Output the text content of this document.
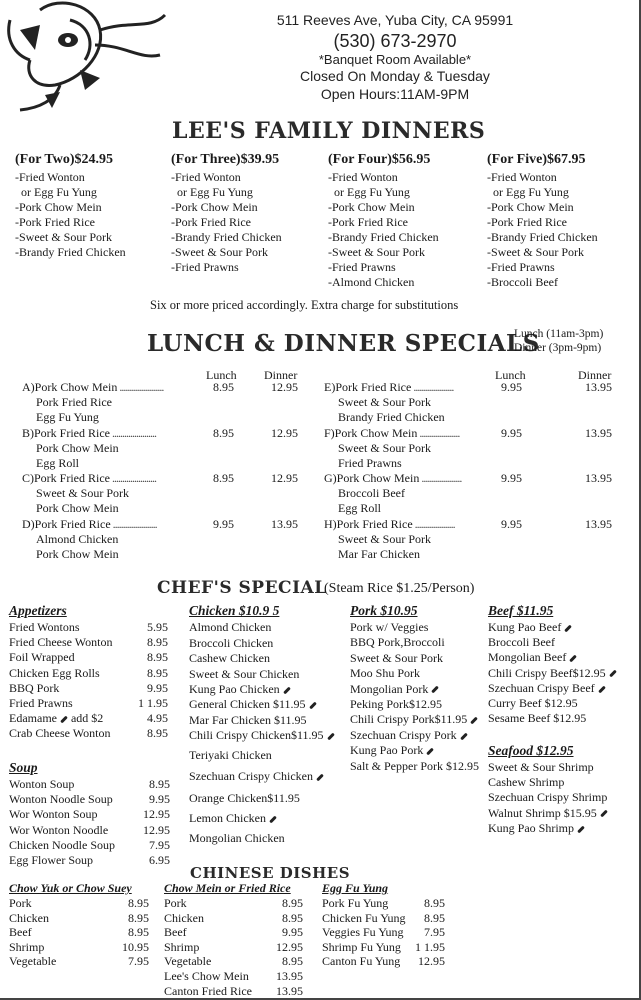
511 Reeves Ave, Yuba City, CA 95991
(530) 673-2970
*Banquet Room Available*
Closed On Monday & Tuesday
Open Hours:11AM-9PM
LEE'S FAMILY DINNERS
(For Two)$24.95
-Fried Wonton
or Egg Fu Yung
-Pork Chow Mein
-Pork Fried Rice
-Sweet & Sour Pork
-Brandy Fried Chicken
(For Three)$39.95
-Fried Wonton
or Egg Fu Yung
-Pork Chow Mein
-Pork Fried Rice
-Brandy Fried Chicken
-Sweet & Sour Pork
-Fried Prawns
(For Four)$56.95
-Fried Wonton
or Egg Fu Yung
-Pork Chow Mein
-Pork Fried Rice
-Brandy Fried Chicken
-Sweet & Sour Pork
-Fried Prawns
-Almond Chicken
(For Five)$67.95
-Fried Wonton
or Egg Fu Yung
-Pork Chow Mein
-Pork Fried Rice
-Brandy Fried Chicken
-Sweet & Sour Pork
-Fried Prawns
-Broccoli Beef
Six or more priced accordingly. Extra charge for substitutions
LUNCH & DINNER SPECIALS
Lunch (11am-3pm)
Dinner (3pm-9pm)
Lunch Dinner	Lunch	Dinner
A)Pork Chow Mein ......................	8.95	12.95
Pork Fried Rice
Egg Fu Yung
B)Pork Fried Rice ......................	8.95	12.95
Pork Chow Mein
Egg Roll
C)Pork Fried Rice ......................	8.95	12.95
Sweet & Sour Pork
Pork Chow Mein
D)Pork Fried Rice ......................	9.95	13.95
Almond Chicken
Pork Chow Mein
E)Pork Fried Rice ....................	9.95	13.95
Sweet & Sour Pork
Brandy Fried Chicken
F)Pork Chow Mein ....................	9.95	13.95
Sweet & Sour Pork
Fried Prawns
G)Pork Chow Mein ....................	9.95	13.95
Broccoli Beef
Egg Roll
H)Pork Fried Rice ....................	9.95	13.95
Sweet & Sour Pork
Mar Far Chicken
CHEF'S SPECIAL
(Steam Rice $1.25/Person)
Appetizers
Fried Wontons	5.95
Fried Cheese Wonton	8.95
Foil Wrapped	8.95
Chicken Egg Rolls	8.95
BBQ Pork	9.95
Fried Prawns	1 1.95
Edamame add $2	4.95
Crab Cheese Wonton	8.95
Soup
Wonton Soup	8.95
Wonton Noodle Soup	9.95
Wor Wonton Soup	12.95
Wor Wonton Noodle	12.95
Chicken Noodle Soup	7.95
Egg Flower Soup	6.95
Chicken $10.9 5
Almond Chicken
Broccoli Chicken
Cashew Chicken
Sweet & Sour Chicken
Kung Pao Chicken
General Chicken $11.95
Mar Far Chicken $11.95
Chili Crispy Chicken$11.95
Teriyaki Chicken
Szechuan Crispy Chicken
Orange Chicken$11.95
Lemon Chicken
Mongolian Chicken
Pork $10.95
Pork w/ Veggies
BBQ Pork,Broccoli
Sweet & Sour Pork
Moo Shu Pork
Mongolian Pork
Peking Pork$12.95
Chili Crispy Pork$11.95
Szechuan Crispy Pork
Kung Pao Pork
Salt & Pepper Pork $12.95
Beef $11.95
Kung Pao Beef
Broccoli Beef
Mongolian Beef
Chili Crispy Beef$12.95
Szechuan Crispy Beef
Curry Beef $12.95
Sesame Beef $12.95
Seafood $12.95
Sweet & Sour Shrimp
Cashew Shrimp
Szechuan Crispy Shrimp
Walnut Shrimp $15.95
Kung Pao Shrimp
CHINESE DISHES
Chow Yuk or Chow Suey
Pork	8.95
Chicken	8.95
Beef	8.95
Shrimp	10.95
Vegetable	7.95
Chow Mein or Fried Rice
Pork	8.95
Chicken	8.95
Beef	9.95
Shrimp	12.95
Vegetable	8.95
Lee's Chow Mein	13.95
Canton Fried Rice	13.95
Egg Fu Yung
Pork Fu Yung	8.95
Chicken Fu Yung	8.95
Veggies Fu Yung	7.95
Shrimp Fu Yung	1 1.95
Canton Fu Yung	12.95
